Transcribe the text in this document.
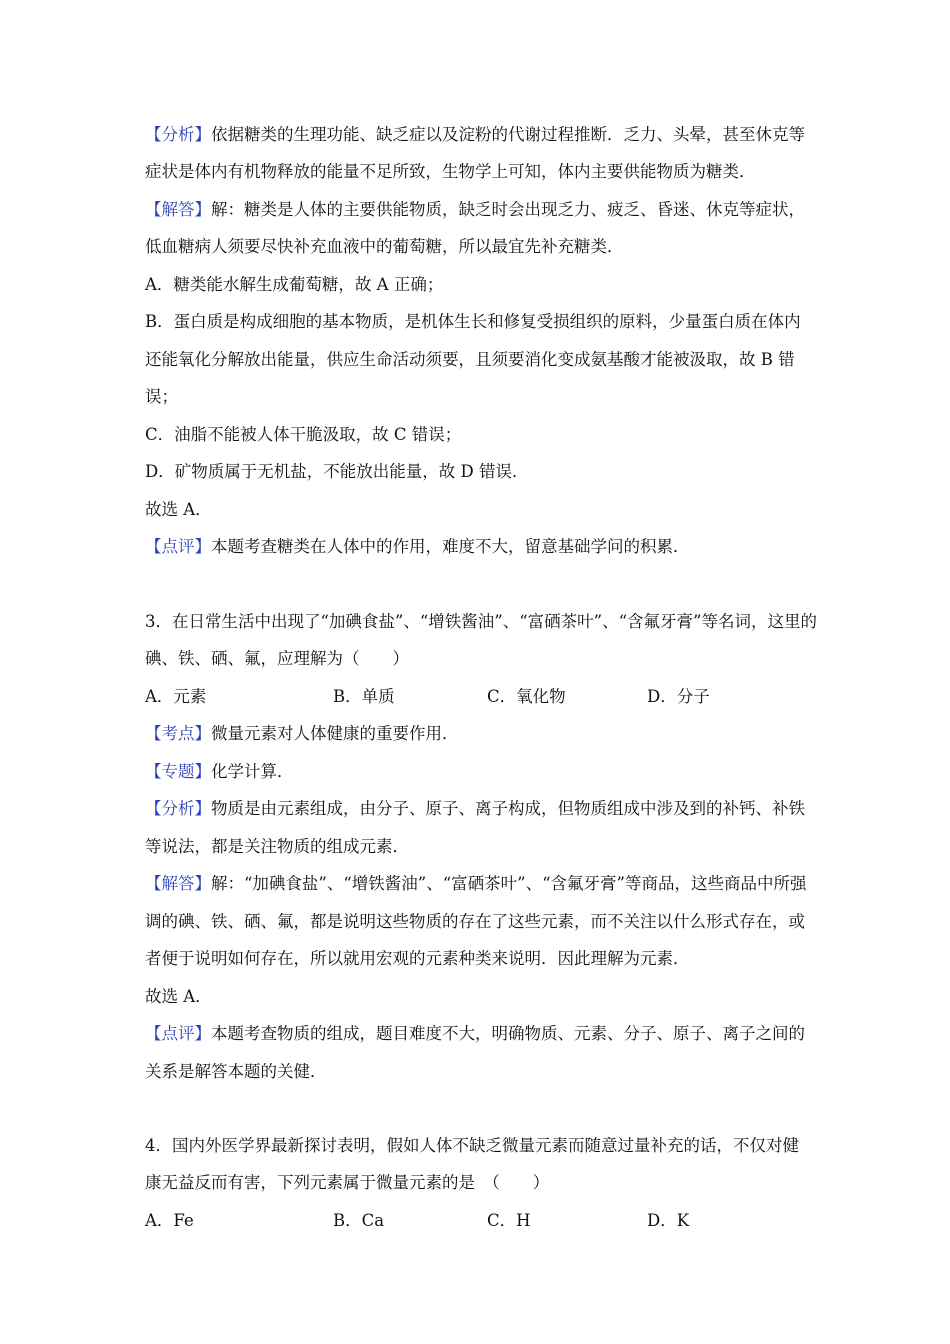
【分析】依据糖类的生理功能、缺乏症以及淀粉的代谢过程推断．乏力、头晕，甚至休克等
症状是体内有机物释放的能量不足所致，生物学上可知，体内主要供能物质为糖类．
【解答】解：糖类是人体的主要供能物质，缺乏时会出现乏力、疲乏、昏迷、休克等症状，
低血糖病人须要尽快补充血液中的葡萄糖，所以最宜先补充糖类．
A．糖类能水解生成葡萄糖，故 A 正确；
B．蛋白质是构成细胞的基本物质，是机体生长和修复受损组织的原料，少量蛋白质在体内
还能氧化分解放出能量，供应生命活动须要，且须要消化变成氨基酸才能被汲取，故 B 错
误；
C．油脂不能被人体干脆汲取，故 C 错误；
D．矿物质属于无机盐，不能放出能量，故 D 错误．
故选 A．
【点评】本题考查糖类在人体中的作用，难度不大，留意基础学问的积累．
3．在日常生活中出现了“加碘食盐”、“增铁酱油”、“富硒茶叶”、“含氟牙膏”等名词，这里的
碘、铁、硒、氟，应理解为（　　）
A．元素	B．单质	C．氧化物	D．分子
【考点】微量元素对人体健康的重要作用．
【专题】化学计算．
【分析】物质是由元素组成，由分子、原子、离子构成，但物质组成中涉及到的补钙、补铁
等说法，都是关注物质的组成元素．
【解答】解：“加碘食盐”、“增铁酱油”、“富硒茶叶”、“含氟牙膏”等商品，这些商品中所强
调的碘、铁、硒、氟，都是说明这些物质的存在了这些元素，而不关注以什么形式存在，或
者便于说明如何存在，所以就用宏观的元素种类来说明．因此理解为元素．
故选 A．
【点评】本题考查物质的组成，题目难度不大，明确物质、元素、分子、原子、离子之间的
关系是解答本题的关健．
4．国内外医学界最新探讨表明，假如人体不缺乏微量元素而随意过量补充的话，不仅对健
康无益反而有害，下列元素属于微量元素的是　（　　）
A．Fe	B．Ca	C．H	D．K
